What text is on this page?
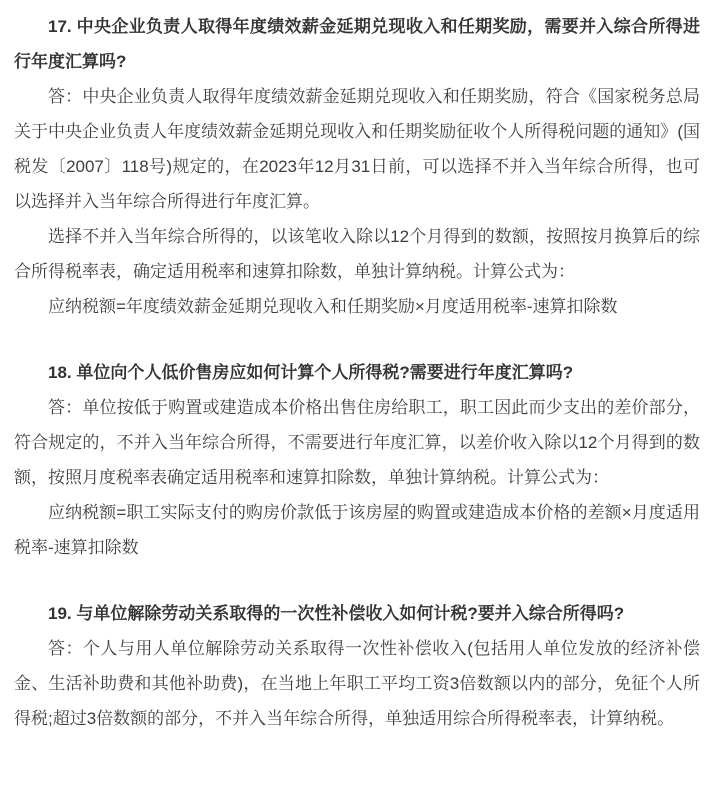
17. 中央企业负责人取得年度绩效薪金延期兑现收入和任期奖励，需要并入综合所得进行年度汇算吗?

答：中央企业负责人取得年度绩效薪金延期兑现收入和任期奖励，符合《国家税务总局关于中央企业负责人年度绩效薪金延期兑现收入和任期奖励征收个人所得税问题的通知》(国税发〔2007〕118号)规定的，在2023年12月31日前，可以选择不并入当年综合所得，也可以选择并入当年综合所得进行年度汇算。

选择不并入当年综合所得的，以该笔收入除以12个月得到的数额，按照按月换算后的综合所得税率表，确定适用税率和速算扣除数，单独计算纳税。计算公式为：

应纳税额=年度绩效薪金延期兑现收入和任期奖励×月度适用税率-速算扣除数

18. 单位向个人低价售房应如何计算个人所得税?需要进行年度汇算吗?

答：单位按低于购置或建造成本价格出售住房给职工，职工因此而少支出的差价部分，符合规定的，不并入当年综合所得，不需要进行年度汇算，以差价收入除以12个月得到的数额，按照月度税率表确定适用税率和速算扣除数，单独计算纳税。计算公式为：

应纳税额=职工实际支付的购房价款低于该房屋的购置或建造成本价格的差额×月度适用税率-速算扣除数

19. 与单位解除劳动关系取得的一次性补偿收入如何计税?要并入综合所得吗?

答：个人与用人单位解除劳动关系取得一次性补偿收入(包括用人单位发放的经济补偿金、生活补助费和其他补助费)，在当地上年职工平均工资3倍数额以内的部分，免征个人所得税;超过3倍数额的部分，不并入当年综合所得，单独适用综合所得税率表，计算纳税。
